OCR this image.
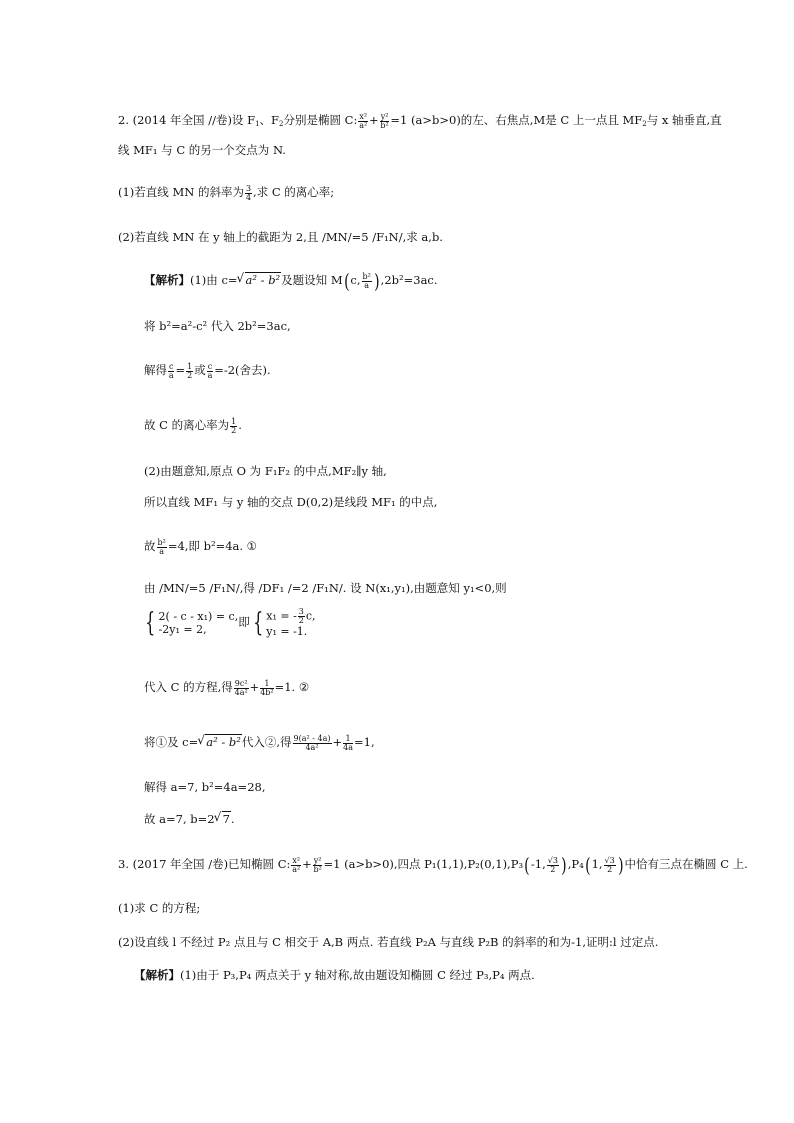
2. (2014 年全国 //卷)设 $F_1$、$F_2$分别是椭圆 C: $\frac{\text{x²}}{\text{a²}} + \frac{\text{y²}}{\text{b²}} =1$ (a>b>0)的左、右焦点,M是 C 上一点且 $MF_2$与 x 轴垂直,直
线 MF₁ 与 C 的另一个交点为 N.
(1)若直线 MN 的斜率为 $\frac{3}{4}$ ,求 C 的离心率;
(2)若直线 MN 在 y 轴上的截距为 2,且 /MN/=5 /F₁N/,求 a,b.
【解析】(1)由 c= √ a² - b²及题设知 M(c, $\frac{\text{b²}}{a} ),2b^2=3ac$.
将 b²=a²-c² 代入 2b²=3ac,
解得 $\frac{c}{a} = \frac{1}{2}$ 或 $\frac{c}{a} =-2$(舍去).
故 C 的离心率为 $\frac{1}{2}$ .
(2)由题意知,原点 O 为 F₁F₂ 的中点,MF₂∥y 轴,
所以直线 MF₁ 与 y 轴的交点 D(0,2)是线段 MF₁ 的中点,
故 $\frac{\text{b²}}{a} =4$,即 b²=4a. ①
由 /MN/=5 /F₁N/,得 /DF₁ /=2 /F₁N/. 设 N(x₁,y₁),由题意知 y₁<0,则
{ 2( - c - x₁) = c,
-2y₁ = 2,
即 { x₁ = - $\frac{3}{2} c$,
y₁ = -1.
代入 C 的方程,得 $\frac{\text{9c²}}{\text{4a²}} + \frac{1}{\text{4b²}} =1$. ②
将①及 c= √ a² - b²代入②,得 $\frac{\text{9(a² - 4a)}}{\text{4a²}} + \frac{1}{4a} =1$,
解得 a=7, b²=4a=28,
故 a=7, b=2 √ 7.
3. (2017 年全国 /卷)已知椭圆 C: $\frac{\text{x²}}{\text{a²}} + \frac{\text{y²}}{\text{b²}} =1$ (a>b>0),四点 P₁(1,1),P₂(0,1),P₃(-1, $\frac{√3}{2} ),P_4(1$, $\frac{√3}{2}$ )中恰有三点在椭圆 C 上.
(1)求 C 的方程;
(2)设直线 l 不经过 P₂ 点且与 C 相交于 A,B 两点. 若直线 P₂A 与直线 P₂B 的斜率的和为-1,证明:l 过定点.
【解析】(1)由于 P₃,P₄ 两点关于 y 轴对称,故由题设知椭圆 C 经过 P₃,P₄ 两点.
